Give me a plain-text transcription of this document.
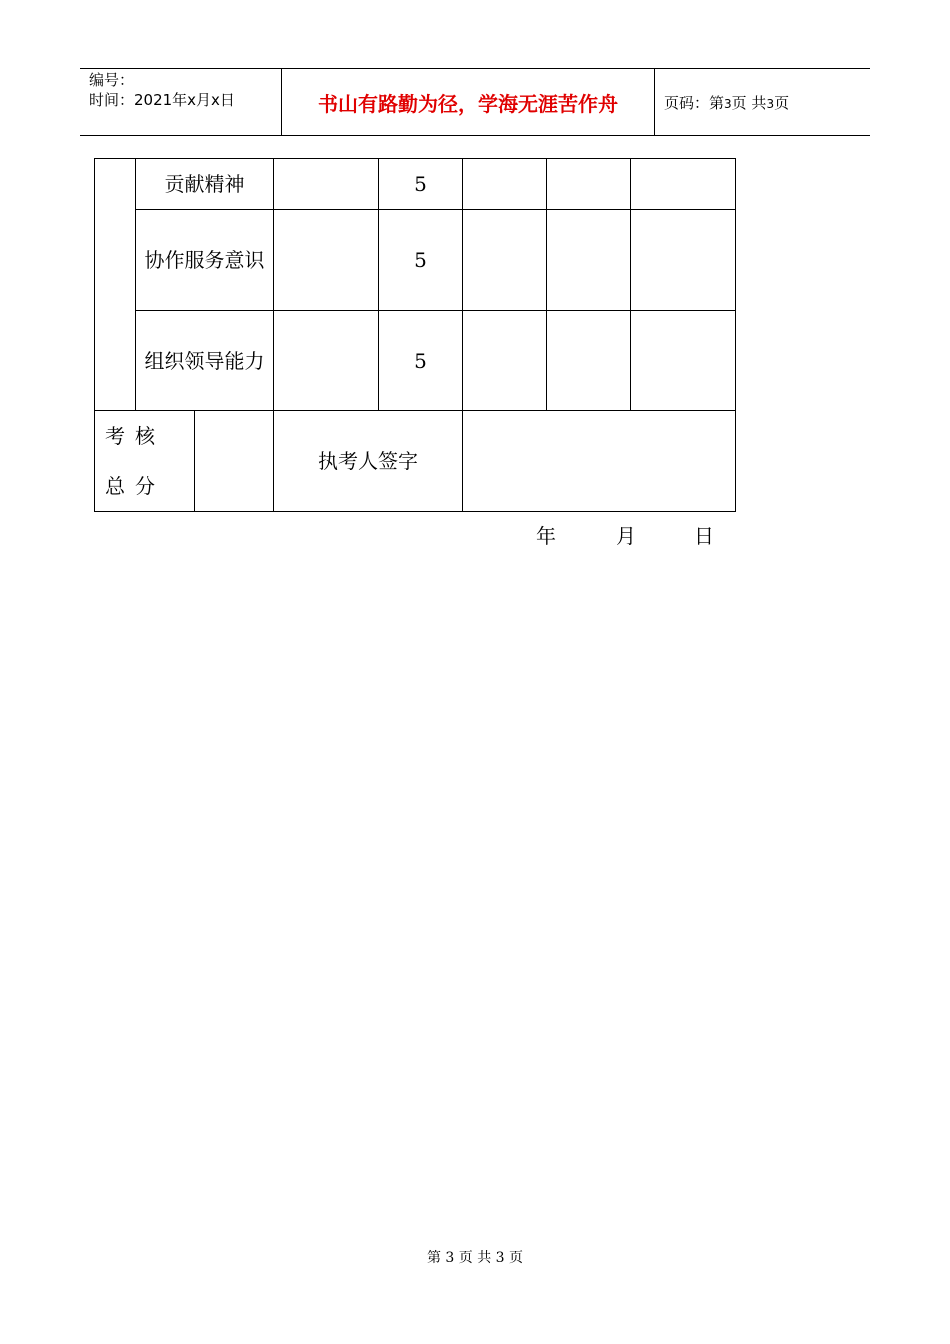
编号：
时间：2021年x月x日	书山有路勤为径，学海无涯苦作舟	页码：第3页 共3页
	贡献精神			5			
	协作服务意识			5			
	组织领导能力			5			
考核总分			执考人签字				
年	月	日
第 3 页 共 3 页
